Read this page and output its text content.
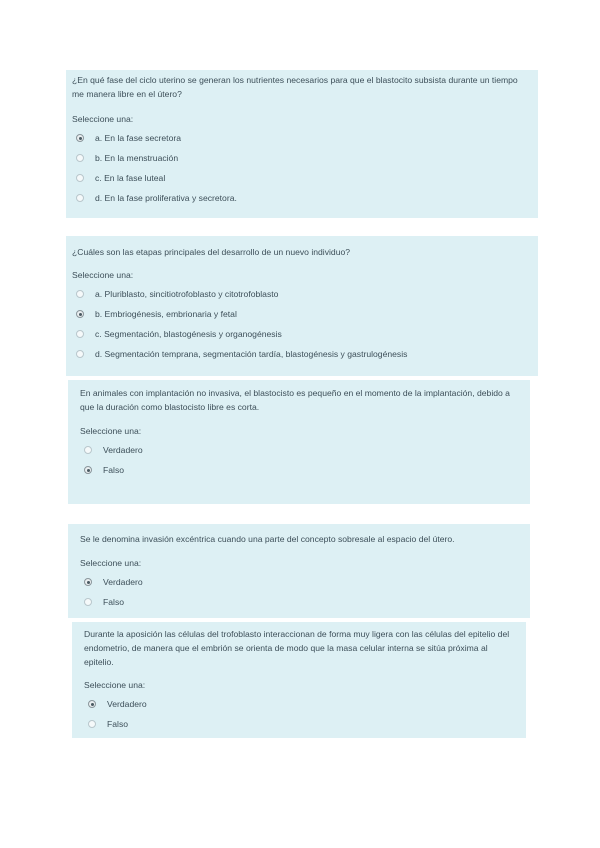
¿En qué fase del ciclo uterino se generan los nutrientes necesarios para que el blastocito subsista durante un tiempo me manera libre en el útero?

Seleccione una:
a. En la fase secretora
b. En la menstruación
c. En la fase luteal
d. En la fase proliferativa y secretora.

¿Cuáles son las etapas principales del desarrollo de un nuevo individuo?

Seleccione una:
a. Pluriblasto, sincitiotrofoblasto y citotrofoblasto
b. Embriogénesis, embrionaria y fetal
c. Segmentación, blastogénesis y organogénesis
d. Segmentación temprana, segmentación tardía, blastogénesis y gastrulogénesis

En animales con implantación no invasiva, el blastocisto es pequeño en el momento de la implantación, debido a que la duración como blastocisto libre es corta.

Seleccione una:
Verdadero
Falso

Se le denomina invasión excéntrica cuando una parte del concepto sobresale al espacio del útero.

Seleccione una:
Verdadero
Falso

Durante la aposición las células del trofoblasto interaccionan de forma muy ligera con las células del epitelio del endometrio, de manera que el embrión se orienta de modo que la masa celular interna se sitúa próxima al epitelio.

Seleccione una:
Verdadero
Falso
